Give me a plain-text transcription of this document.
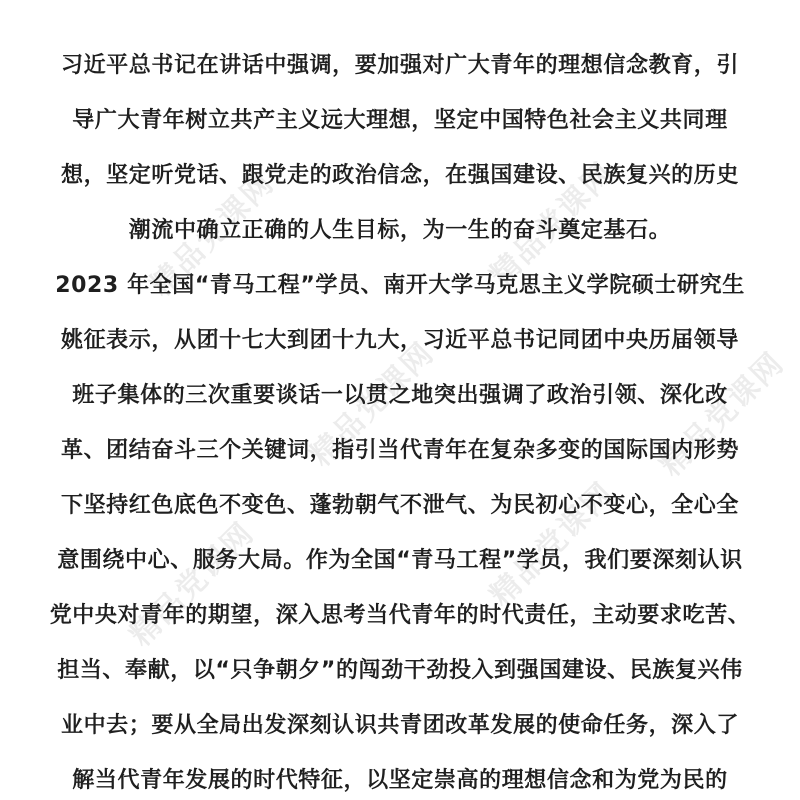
精品党课网	精品党课网
精品党课网
精品党课网
精品党课网
精品党课网
习近平总书记在讲话中强调，要加强对广大青年的理想信念教育，引
导广大青年树立共产主义远大理想，坚定中国特色社会主义共同理
想，坚定听党话、跟党走的政治信念，在强国建设、民族复兴的历史
潮流中确立正确的人生目标，为一生的奋斗奠定基石。
2023 年全国“青马工程”学员、南开大学马克思主义学院硕士研究生
姚征表示，从团十七大到团十九大，习近平总书记同团中央历届领导
班子集体的三次重要谈话一以贯之地突出强调了政治引领、深化改
革、团结奋斗三个关键词，指引当代青年在复杂多变的国际国内形势
下坚持红色底色不变色、蓬勃朝气不泄气、为民初心不变心，全心全
意围绕中心、服务大局。作为全国“青马工程”学员，我们要深刻认识
党中央对青年的期望，深入思考当代青年的时代责任，主动要求吃苦、
担当、奉献，以“只争朝夕”的闯劲干劲投入到强国建设、民族复兴伟
业中去；要从全局出发深刻认识共青团改革发展的使命任务，深入了
解当代青年发展的时代特征，以坚定崇高的理想信念和为党为民的
